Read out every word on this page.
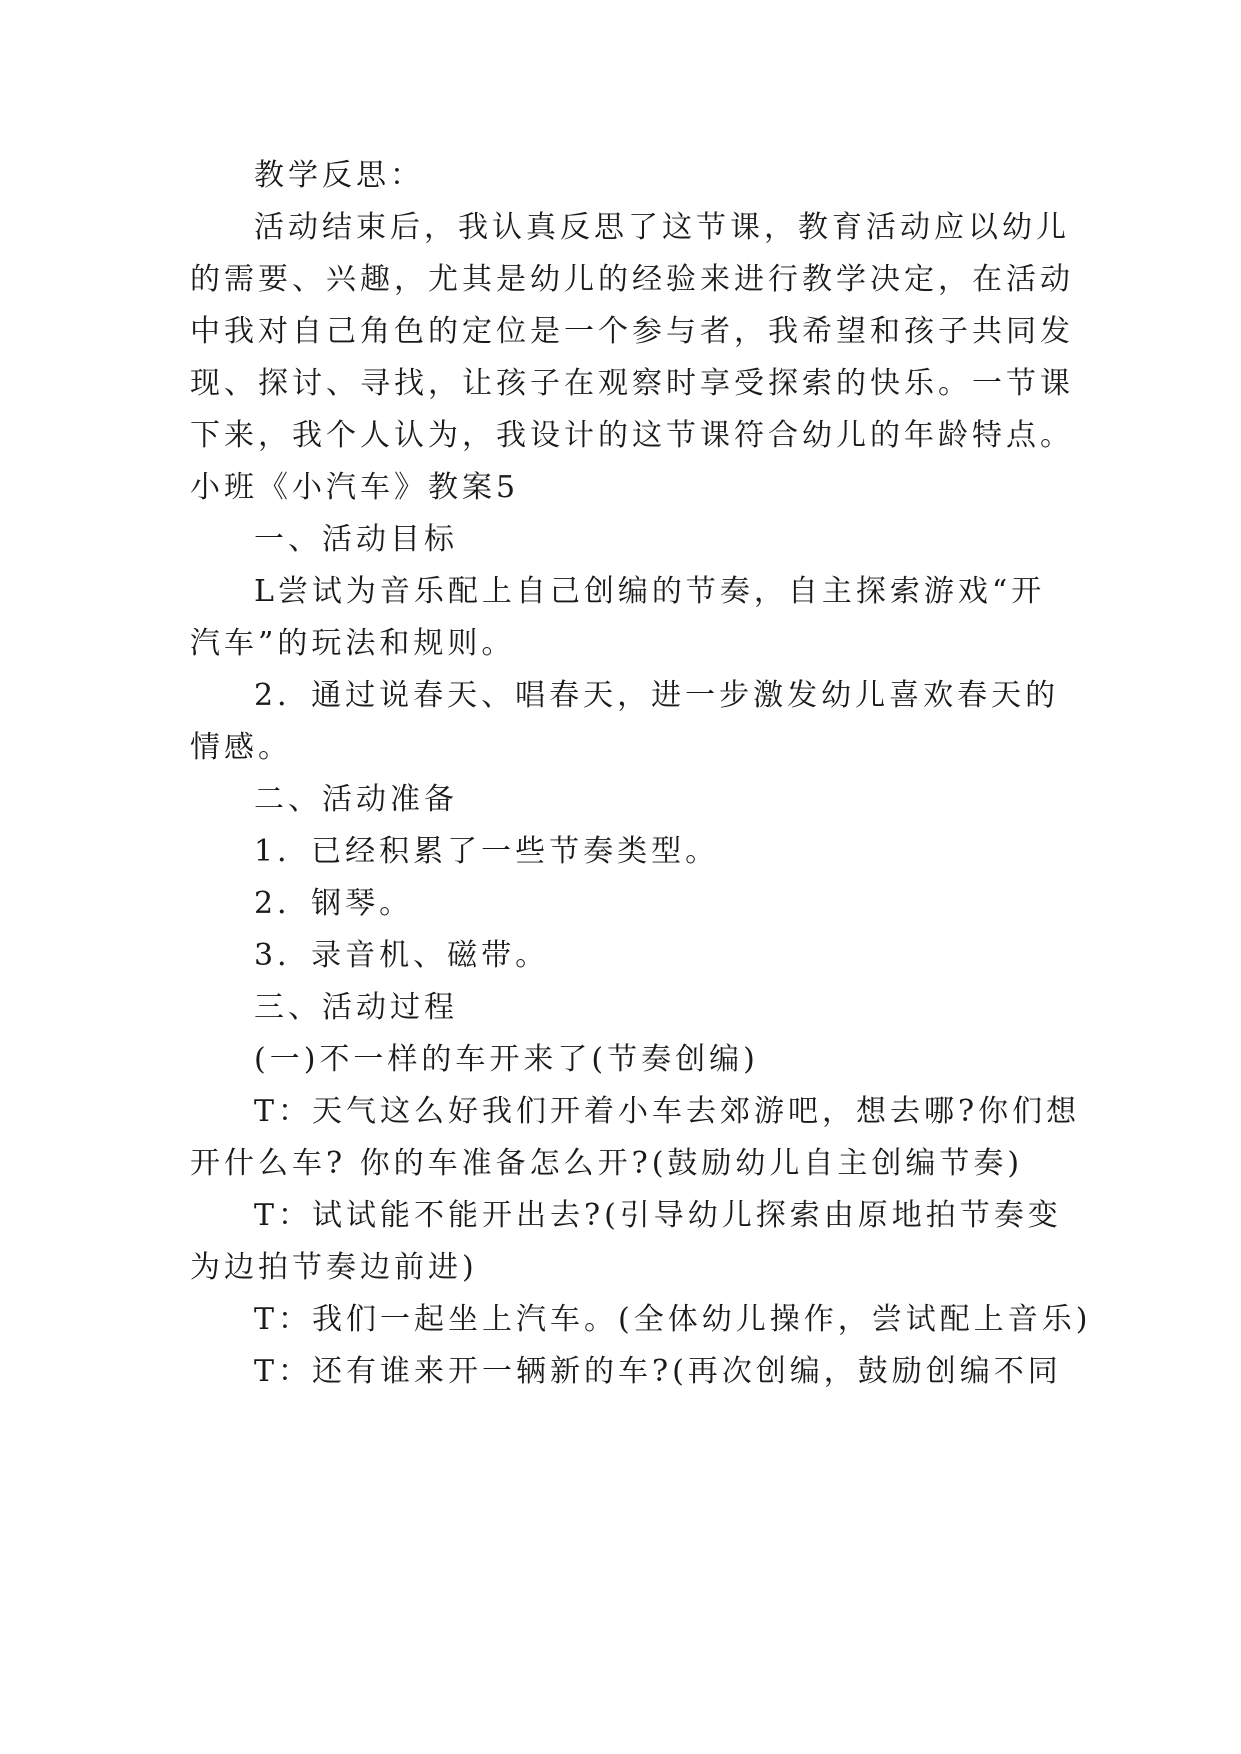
教学反思：
活动结束后，我认真反思了这节课，教育活动应以幼儿
的需要、兴趣，尤其是幼儿的经验来进行教学决定，在活动
中我对自己角色的定位是一个参与者，我希望和孩子共同发
现、探讨、寻找，让孩子在观察时享受探索的快乐。一节课
下来，我个人认为，我设计的这节课符合幼儿的年龄特点。
小班《小汽车》教案5
一、活动目标
L尝试为音乐配上自己创编的节奏，自主探索游戏“开
汽车”的玩法和规则。
2．通过说春天、唱春天，进一步激发幼儿喜欢春天的
情感。
二、活动准备
1．已经积累了一些节奏类型。
2．钢琴。
3．录音机、磁带。
三、活动过程
(一)不一样的车开来了(节奏创编)
T：天气这么好我们开着小车去郊游吧，想去哪?你们想
开什么车? 你的车准备怎么开?(鼓励幼儿自主创编节奏)
T：试试能不能开出去?(引导幼儿探索由原地拍节奏变
为边拍节奏边前进)
T：我们一起坐上汽车。(全体幼儿操作，尝试配上音乐)
T：还有谁来开一辆新的车?(再次创编，鼓励创编不同
